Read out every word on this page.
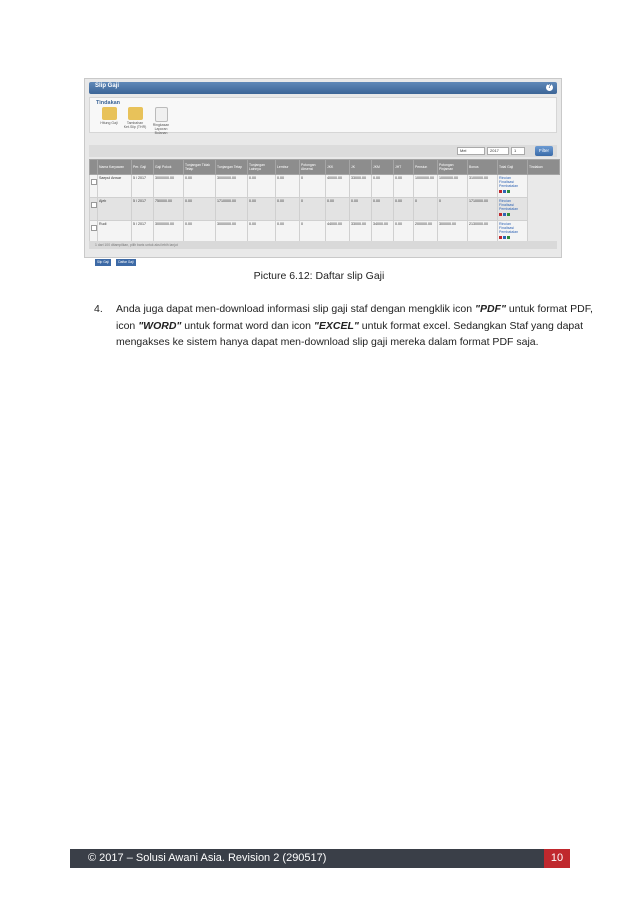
Slip Gaji	?
Tindakan
Hitung Gaji	Tambahan Ket.Slip (THR)	Ringkasan Laporan Bulanan
Mei	2017	1	Filter
	Nama Karyawan	Per. Gaji	Gaji Pokok	Tunjangan Tidak Tetap	Tunjangan Tetap	Tunjangan Lainnya	Lembur	Potongan Absensi	JKK	JK	JKM	JHT	Pensiun	Potongan Pinjaman	Bonus	Total Gaji	Tindakan

	Saepul Anwar	5 / 2017	3000000.00	0.00	3000000.00	0.00	0.00	0	40000.00	33000.00	0.00	0.00	1000000.00	1000000.00	3100000.00	Rincian
Finalisasi
Pembatalan	

	Ajeb	5 / 2017	750000.00	0.00	1710000.00	0.00	0.00	0	0.00	0.00	0.00	0.00	0	0	1710000.00	Rincian
Finalisasi
Pembatalan	

	Rudi	5 / 2017	3000000.00	0.00	3000000.00	0.00	0.00	0	44000.00	33000.00	34000.00	0.00	200000.00	300000.00	2130000.00	Rincian
Finalisasi
Pembatalan	
1 dari 100 ditampilkan, pilih baris untuk aksi lebih lanjut
Slip Gaji	Daftar Gaji
Picture 6.12: Daftar slip Gaji
4. Anda juga dapat men-download informasi slip gaji staf dengan mengklik icon "PDF" untuk format PDF, icon "WORD" untuk format word dan icon "EXCEL" untuk format excel. Sedangkan Staf yang dapat mengakses ke sistem hanya dapat men-download slip gaji mereka dalam format PDF saja.
© 2017 – Solusi Awani Asia. Revision 2 (290517)	10
